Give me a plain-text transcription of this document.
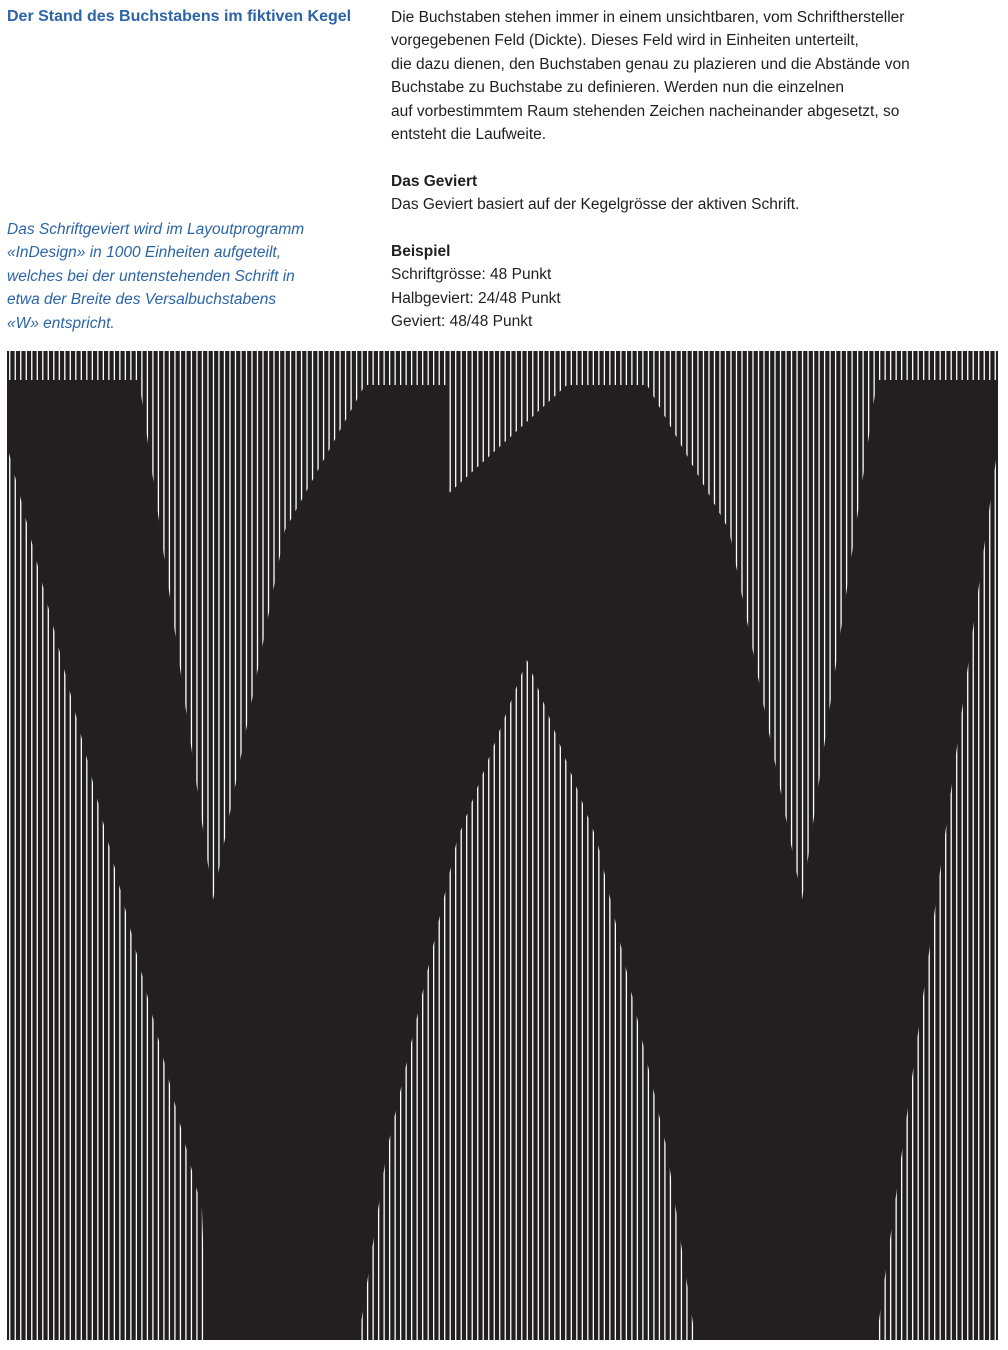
Der Stand des Buchstabens im fiktiven Kegel
Das Schriftgeviert wird im Layoutprogramm
«InDesign» in 1000 Einheiten aufgeteilt,
welches bei der untenstehenden Schrift in
etwa der Breite des Versalbuchstabens
«W» entspricht.

Die Buchstaben stehen immer in einem unsichtbaren, vom Schrifthersteller
vorgegebenen Feld (Dickte). Dieses Feld wird in Einheiten unterteilt,
die dazu dienen, den Buchstaben genau zu plazieren und die Abstände von
Buchstabe zu Buchstabe zu definieren. Werden nun die einzelnen
auf vorbestimmtem Raum stehenden Zeichen nacheinander abgesetzt, so
entsteht die Laufweite.

Das Geviert
Das Geviert basiert auf der Kegelgrösse der aktiven Schrift.
Beispiel
Schriftgrösse: 48 Punkt
Halbgeviert: 24/48 Punkt
Geviert: 48/48 Punkt
